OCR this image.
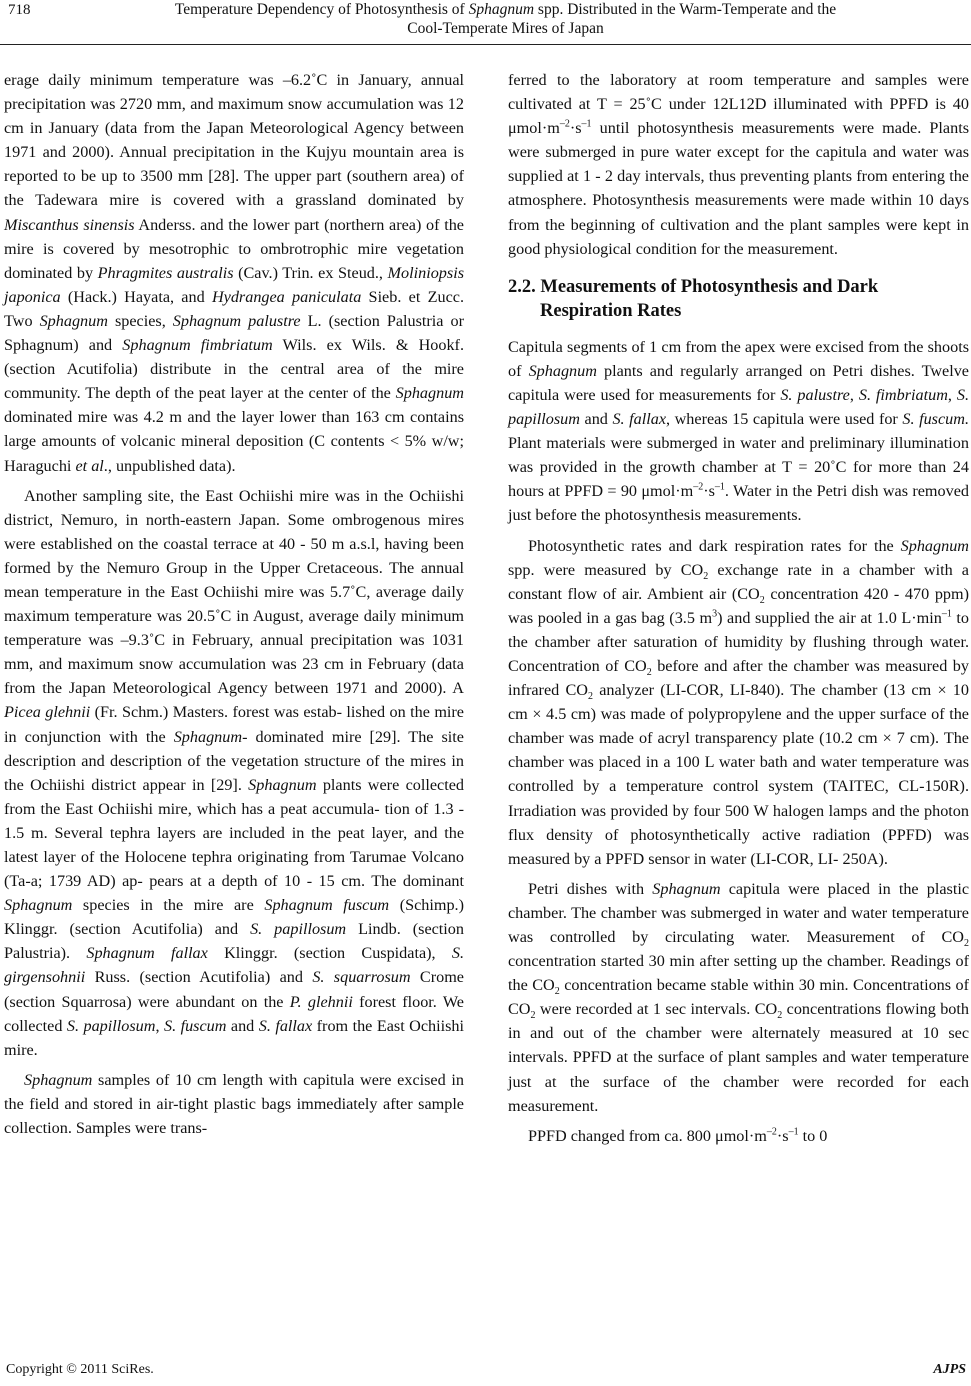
718	Temperature Dependency of Photosynthesis of Sphagnum spp. Distributed in the Warm-Temperate and the
Cool-Temperate Mires of Japan

erage daily minimum temperature was –6.2˚C in January, annual precipitation was 2720 mm, and maximum snow accumulation was 12 cm in January (data from the Japan Meteorological Agency between 1971 and 2000). Annual precipitation in the Kujyu mountain area is reported to be up to 3500 mm [28]. The upper part (southern area) of the Tadewara mire is covered with a grassland dominated by Miscanthus sinensis Anderss. and the lower part (northern area) of the mire is covered by mesotrophic to ombrotrophic mire vegetation dominated by Phragmites australis (Cav.) Trin. ex Steud., Moliniopsis japonica (Hack.) Hayata, and Hydrangea paniculata Sieb. et Zucc. Two Sphagnum species, Sphagnum palustre L. (section Palustria or Sphagnum) and Sphagnum fimbriatum Wils. ex Wils. & Hookf. (section Acutifolia) distribute in the central area of the mire community. The depth of the peat layer at the center of the Sphagnum dominated mire was 4.2 m and the layer lower than 163 cm contains large amounts of volcanic mineral deposition (C contents < 5% w/w; Haraguchi et al., unpublished data).

Another sampling site, the East Ochiishi mire was in the Ochiishi district, Nemuro, in north-eastern Japan. Some ombrogenous mires were established on the coastal terrace at 40 - 50 m a.s.l, having been formed by the Nemuro Group in the Upper Cretaceous. The annual mean temperature in the East Ochiishi mire was 5.7˚C, average daily maximum temperature was 20.5˚C in August, average daily minimum temperature was –9.3˚C in February, annual precipitation was 1031 mm, and maximum snow accumulation was 23 cm in February (data from the Japan Meteorological Agency between 1971 and 2000). A Picea glehnii (Fr. Schm.) Masters. forest was estab- lished on the mire in conjunction with the Sphagnum- dominated mire [29]. The site description and description of the vegetation structure of the mires in the Ochiishi district appear in [29]. Sphagnum plants were collected from the East Ochiishi mire, which has a peat accumula- tion of 1.3 - 1.5 m. Several tephra layers are included in the peat layer, and the latest layer of the Holocene tephra originating from Tarumae Volcano (Ta-a; 1739 AD) ap- pears at a depth of 10 - 15 cm. The dominant Sphagnum species in the mire are Sphagnum fuscum (Schimp.) Klinggr. (section Acutifolia) and S. papillosum Lindb. (section Palustria). Sphagnum fallax Klinggr. (section Cuspidata), S. girgensohnii Russ. (section Acutifolia) and S. squarrosum Crome (section Squarrosa) were abundant on the P. glehnii forest floor. We collected S. papillosum, S. fuscum and S. fallax from the East Ochiishi mire.

Sphagnum samples of 10 cm length with capitula were excised in the field and stored in air-tight plastic bags immediately after sample collection. Samples were trans-

ferred to the laboratory at room temperature and samples were cultivated at T = 25˚C under 12L12D illuminated with PPFD is 40 $\mu mol\cdot m^{-2}\cdot s^{-1}$ until photosynthesis measurements were made. Plants were submerged in pure water except for the capitula and water was supplied at 1 - 2 day intervals, thus preventing plants from entering the atmosphere. Photosynthesis measurements were made within 10 days from the beginning of cultivation and the plant samples were kept in good physiological condition for the measurement.

2.2. Measurements of Photosynthesis and Dark Respiration Rates

Capitula segments of 1 cm from the apex were excised from the shoots of Sphagnum plants and regularly arranged on Petri dishes. Twelve capitula were used for measurements for S. palustre, S. fimbriatum, S. papillosum and S. fallax, whereas 15 capitula were used for S. fuscum. Plant materials were submerged in water and preliminary illumination was provided in the growth chamber at T = 20˚C for more than 24 hours at PPFD = 90 $\mu mol\cdot m^{-2}\cdot s^{-1}$. Water in the Petri dish was removed just before the photosynthesis measurements.

Photosynthetic rates and dark respiration rates for the Sphagnum spp. were measured by $CO_2$ exchange rate in a chamber with a constant flow of air. Ambient air ($CO_2$ concentration 420 - 470 ppm) was pooled in a gas bag (3.5 $m^3$) and supplied the air at 1.0 $L\cdot\min^{-1}$ to the chamber after saturation of humidity by flushing through water. Concentration of $CO_2$ before and after the chamber was measured by infrared $CO_2$ analyzer (LI-COR, LI-840). The chamber (13 cm × 10 cm × 4.5 cm) was made of polypropylene and the upper surface of the chamber was made of acryl transparency plate (10.2 cm × 7 cm). The chamber was placed in a 100 L water bath and water temperature was controlled by a temperature control system (TAITEC, CL-150R). Irradiation was provided by four 500 W halogen lamps and the photon flux density of photosynthetically active radiation (PPFD) was measured by a PPFD sensor in water (LI-COR, LI- 250A).

Petri dishes with Sphagnum capitula were placed in the plastic chamber. The chamber was submerged in water and water temperature was controlled by circulating water. Measurement of $CO_2$ concentration started 30 min after setting up the chamber. Readings of the $CO_2$ concentration became stable within 30 min. Concentrations of $CO_2$ were recorded at 1 sec intervals. $CO_2$ concentrations flowing both in and out of the chamber were alternately measured at 10 sec intervals. PPFD at the surface of plant samples and water temperature just at the surface of the chamber were recorded for each measurement.

PPFD changed from ca. 800 $\mu mol\cdot m^{-2}\cdot s^{-1}$ to 0

Copyright © 2011 SciRes.	AJPS
